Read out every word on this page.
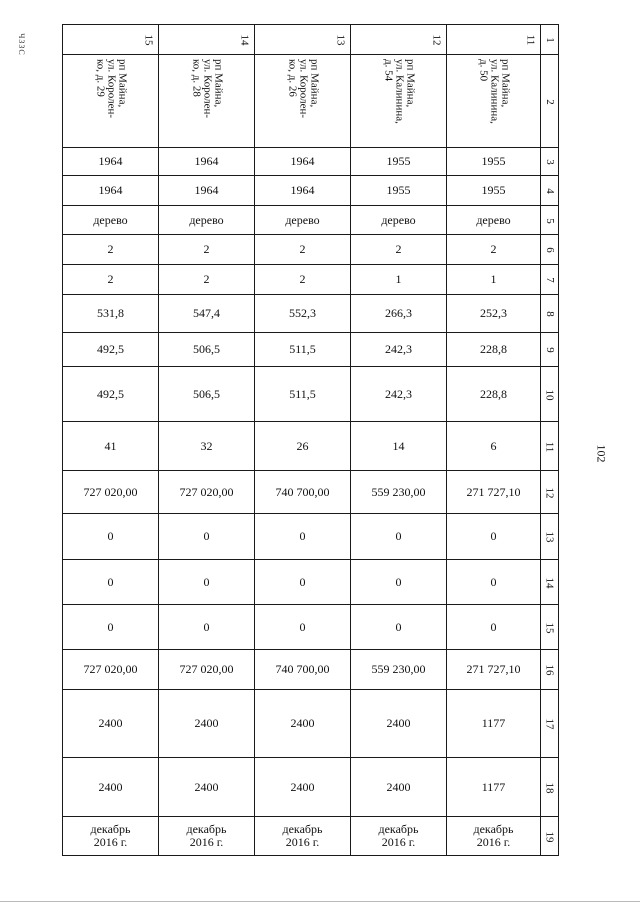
ЧЗЗС	15	14	13	12	11	1

рп Майна,
ул. Королен-
ко, д. 29	рп Майна,
ул. Королен-
ко, д. 28	рп Майна,
ул. Королен-
ко, д. 26	рп Майна,
ул. Калинина,
д. 54	рп Майна,
ул. Калинина,
д. 50	2
1964	1964	1964	1955	1955	3
1964	1964	1964	1955	1955	4
дерево	дерево	дерево	дерево	дерево	5
2	2	2	2	2	6
2	2	2	1	1	7
531,8	547,4	552,3	266,3	252,3	8
492,5	506,5	511,5	242,3	228,8	9
492,5	506,5	511,5	242,3	228,8	10
41	32	26	14	6	11
727 020,00	727 020,00	740 700,00	559 230,00	271 727,10	12
0	0	0	0	0	13
0	0	0	0	0	14
0	0	0	0	0	15
727 020,00	727 020,00	740 700,00	559 230,00	271 727,10	16
2400	2400	2400	2400	1177	17
2400	2400	2400	2400	1177	18
декабрь
2016 г.	декабрь
2016 г.	декабрь
2016 г.	декабрь
2016 г.	декабрь
2016 г.	19
102
